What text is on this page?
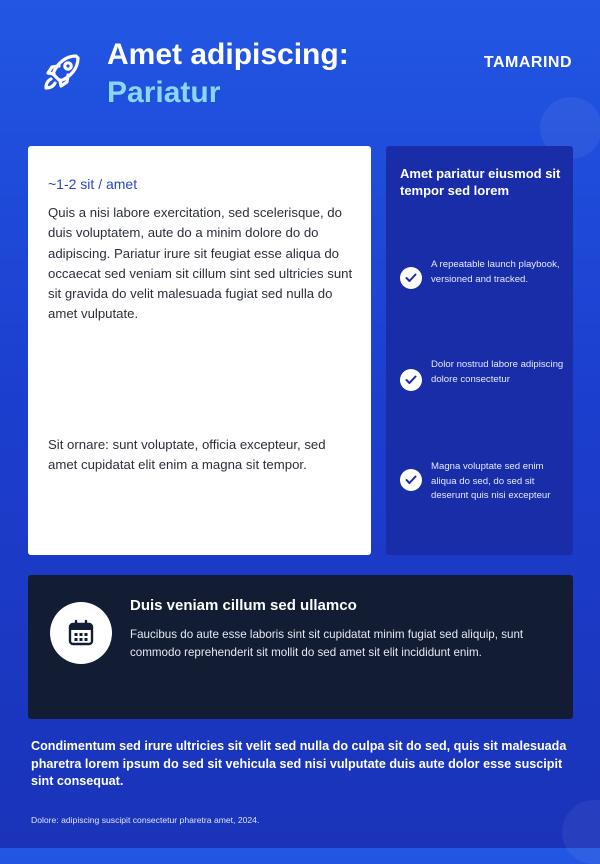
Amet adipiscing:
Pariatur
TAMARIND
~1-2 sit / amet

Quis a nisi labore exercitation, sed scelerisque, do duis voluptatem, aute do a minim dolore do do adipiscing. Pariatur irure sit feugiat esse aliqua do occaecat sed veniam sit cillum sint sed ultricies sunt sit gravida do velit malesuada fugiat sed nulla do amet vulputate.

Sit ornare: sunt voluptate, officia excepteur, sed amet cupidatat elit enim a magna sit tempor.

Amet pariatur eiusmod sit tempor sed lorem
A repeatable launch playbook, versioned and tracked.
Dolor nostrud labore adipiscing dolore consectetur
Magna voluptate sed enim aliqua do sed, do sed sit deserunt quis nisi excepteur
Duis veniam cillum sed ullamco

Faucibus do aute esse laboris sint sit cupidatat minim fugiat sed aliquip, sunt commodo reprehenderit sit mollit do sed amet sit elit incididunt enim.

Condimentum sed irure ultricies sit velit sed nulla do culpa sit do sed, quis sit malesuada pharetra lorem ipsum do sed sit vehicula sed nisi vulputate duis aute dolor esse suscipit sint consequat.

Dolore: adipiscing suscipit consectetur pharetra amet, 2024.
